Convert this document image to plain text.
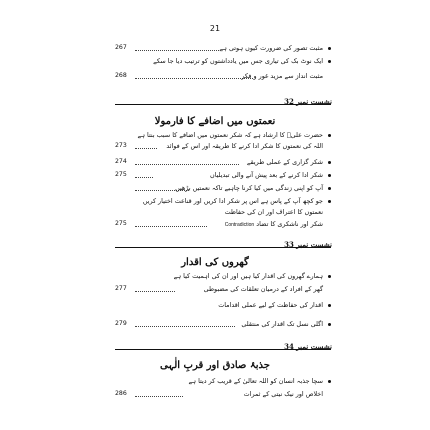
21
267	مثبت تصور کی ضرورت کیوں ہوتی ہے
ایک نوٹ بک کی تیاری جس میں یادداشتوں کو ترتیب دیا جا سکے
268	مثبت انداز سے مزید غور و فکر
نشست نمبر 32
نعمتوں میں اضافے کا فارمولا
حضرت علیؓ کا ارشاد ہے کہ شکر نعمتوں میں اضافے کا سبب بنتا ہے
273	اللہ کی نعمتوں کا شکر ادا کرنے کا طریقہ اور اس کے فوائد
274	شکر گزاری کے عملی طریقے
275	شکر ادا کرنے کے بعد پیش آنے والی تبدیلیاں
آپ کو اپنی زندگی میں کیا کرنا چاہیے تاکہ نعمتیں بڑھیں
جو کچھ آپ کے پاس ہے اس پر شکر ادا کریں اور قناعت اختیار کریں
نعمتوں کا اعتراف اور ان کی حفاظت
275	شکر اور ناشکری کا تضاد Contradiction
نشست نمبر 33
گھروں کی اقدار
ہمارے گھروں کی اقدار کیا ہیں اور ان کی اہمیت کیا ہے
277	گھر کے افراد کے درمیان تعلقات کی مضبوطی
اقدار کی حفاظت کے لیے عملی اقدامات
279	اگلی نسل تک اقدار کی منتقلی
نشست نمبر 34
جذبۂ صادق اور قربِ الٰہی
سچا جذبہ انسان کو اللہ تعالیٰ کے قریب کر دیتا ہے
286	اخلاص اور نیک نیتی کے ثمرات
